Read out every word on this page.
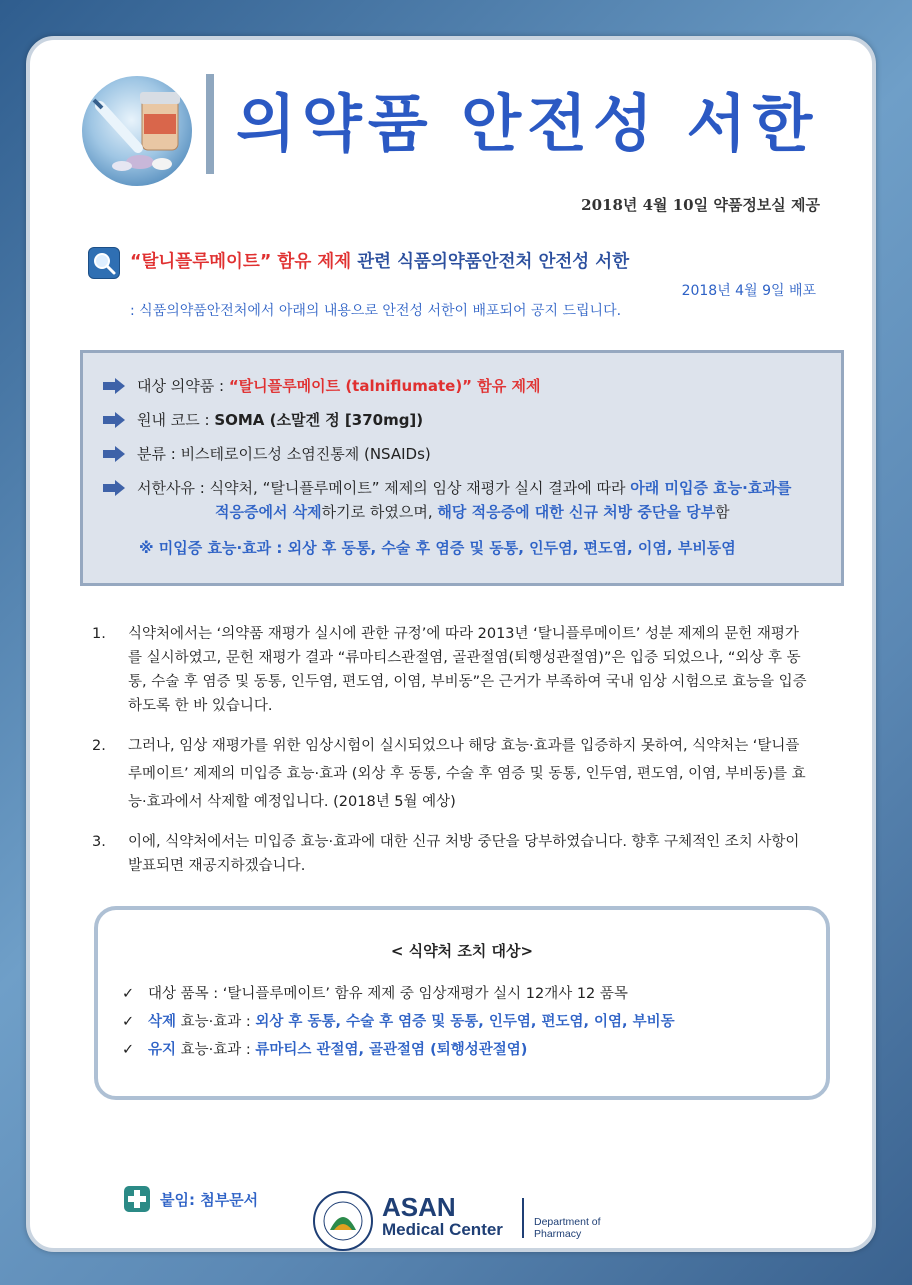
의약품 안전성 서한
2018년 4월 10일 약품정보실 제공
“탈니플루메이트” 함유 제제 관련 식품의약품안전처 안전성 서한
2018년 4월 9일 배포
: 식품의약품안전처에서 아래의 내용으로 안전성 서한이 배포되어 공지 드립니다.
대상 의약품 : “탈니플루메이트 (talniflumate)” 함유 제제
원내 코드 : SOMA (소말겐 정 [370mg])
분류 : 비스테로이드성 소염진통제 (NSAIDs)
서한사유 : 식약처, “탈니플루메이트” 제제의 임상 재평가 실시 결과에 따라 아래 미입증 효능·효과를
적응증에서 삭제하기로 하였으며, 해당 적응증에 대한 신규 처방 중단을 당부함
※ 미입증 효능·효과 : 외상 후 동통, 수술 후 염증 및 동통, 인두염, 편도염, 이염, 부비동염
1. 식약처에서는 ‘의약품 재평가 실시에 관한 규정’에 따라 2013년 ‘탈니플루메이트’ 성분 제제의 문헌 재평가를 실시하였고, 문헌 재평가 결과 “류마티스관절염, 골관절염(퇴행성관절염)”은 입증 되었으나, “외상 후 동통, 수술 후 염증 및 동통, 인두염, 편도염, 이염, 부비동”은 근거가 부족하여 국내 임상 시험으로 효능을 입증하도록 한 바 있습니다.
2. 그러나, 임상 재평가를 위한 임상시험이 실시되었으나 해당 효능·효과를 입증하지 못하여, 식약처는 ‘탈니플루메이트’ 제제의 미입증 효능·효과 (외상 후 동통, 수술 후 염증 및 동통, 인두염, 편도염, 이염, 부비동)를 효능·효과에서 삭제할 예정입니다. (2018년 5월 예상)
3. 이에, 식약처에서는 미입증 효능·효과에 대한 신규 처방 중단을 당부하였습니다. 향후 구체적인 조치 사항이 발표되면 재공지하겠습니다.
< 식약처 조치 대상>
✓ 대상 품목 : ‘탈니플루메이트’ 함유 제제 중 임상재평가 실시 12개사 12 품목
✓ 삭제 효능·효과 : 외상 후 동통, 수술 후 염증 및 동통, 인두염, 편도염, 이염, 부비동
✓ 유지 효능·효과 : 류마티스 관절염, 골관절염 (퇴행성관절염)
붙임: 첨부문서	ASAN
Medical Center	Department of
Pharmacy
